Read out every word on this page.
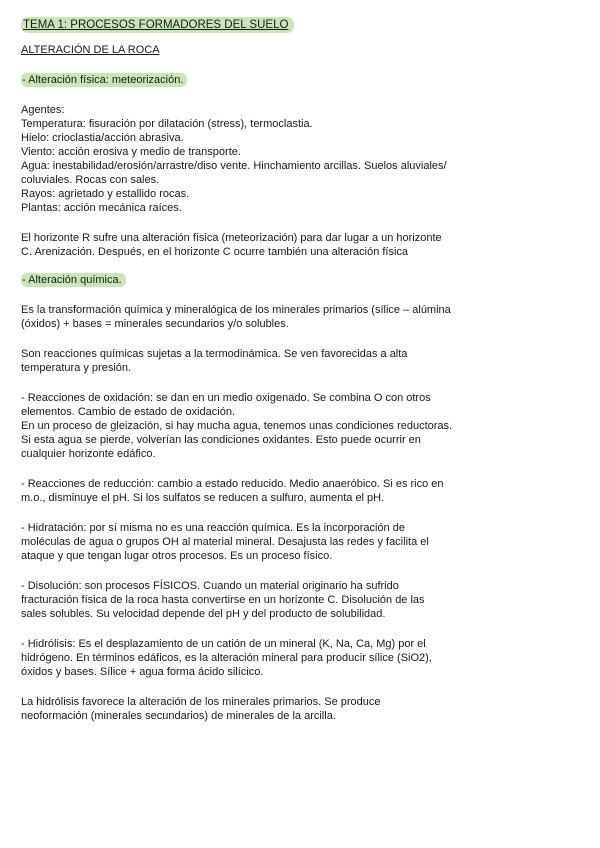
TEMA 1: PROCESOS FORMADORES DEL SUELO
ALTERACIÓN DE LA ROCA
- Alteración física: meteorización.
Agentes:
Temperatura: fisuración por dilatación (stress), termoclastia.
Hielo: crioclastia/acción abrasiva.
Viento: acción erosiva y medio de transporte.
Agua: inestabilidad/erosión/arrastre/diso vente. Hinchamiento arcillas. Suelos aluviales/
coluviales. Rocas con sales.
Rayos: agrietado y estallido rocas.
Plantas: acción mecánica raíces.
El horizonte R sufre una alteración física (meteorización) para dar lugar a un horizonte
C. Arenización. Después, en el horizonte C ocurre también una alteración física
- Alteración química.
Es la transformación química y mineralógica de los minerales primarios (sílice – alúmina
(óxidos) + bases = minerales secundarios y/o solubles.
Son reacciones químicas sujetas a la termodinámica. Se ven favorecidas a alta
temperatura y presión.
- Reacciones de oxidación: se dan en un medio oxigenado. Se combina O con otros
elementos. Cambio de estado de oxidación.
En un proceso de gleización, si hay mucha agua, tenemos unas condiciones reductoras.
Si esta agua se pierde, volverían las condiciones oxidantes. Esto puede ocurrir en
cualquier horizonte edáfico.
- Reacciones de reducción: cambio a estado reducido. Medio anaeróbico. Si es rico en
m.o., disminuye el pH. Si los sulfatos se reducen a sulfuro, aumenta el pH.
- Hidratación: por sí misma no es una reacción química. Es la incorporación de
moléculas de agua o grupos OH al material mineral. Desajusta las redes y facilita el
ataque y que tengan lugar otros procesos. Es un proceso físico.
- Disolución: son procesos FÍSICOS. Cuando un material originario ha sufrido
fracturación física de la roca hasta convertirse en un horizonte C. Disolución de las
sales solubles. Su velocidad depende del pH y del producto de solubilidad.
- Hidrólisis: Es el desplazamiento de un catión de un mineral (K, Na, Ca, Mg) por el
hidrógeno. En términos edáficos, es la alteración mineral para producir sílice (SiO2),
óxidos y bases. Sílice + agua forma ácido silícico.
La hidrólisis favorece la alteración de los minerales primarios. Se produce
neoformación (minerales secundarios) de minerales de la arcilla.
